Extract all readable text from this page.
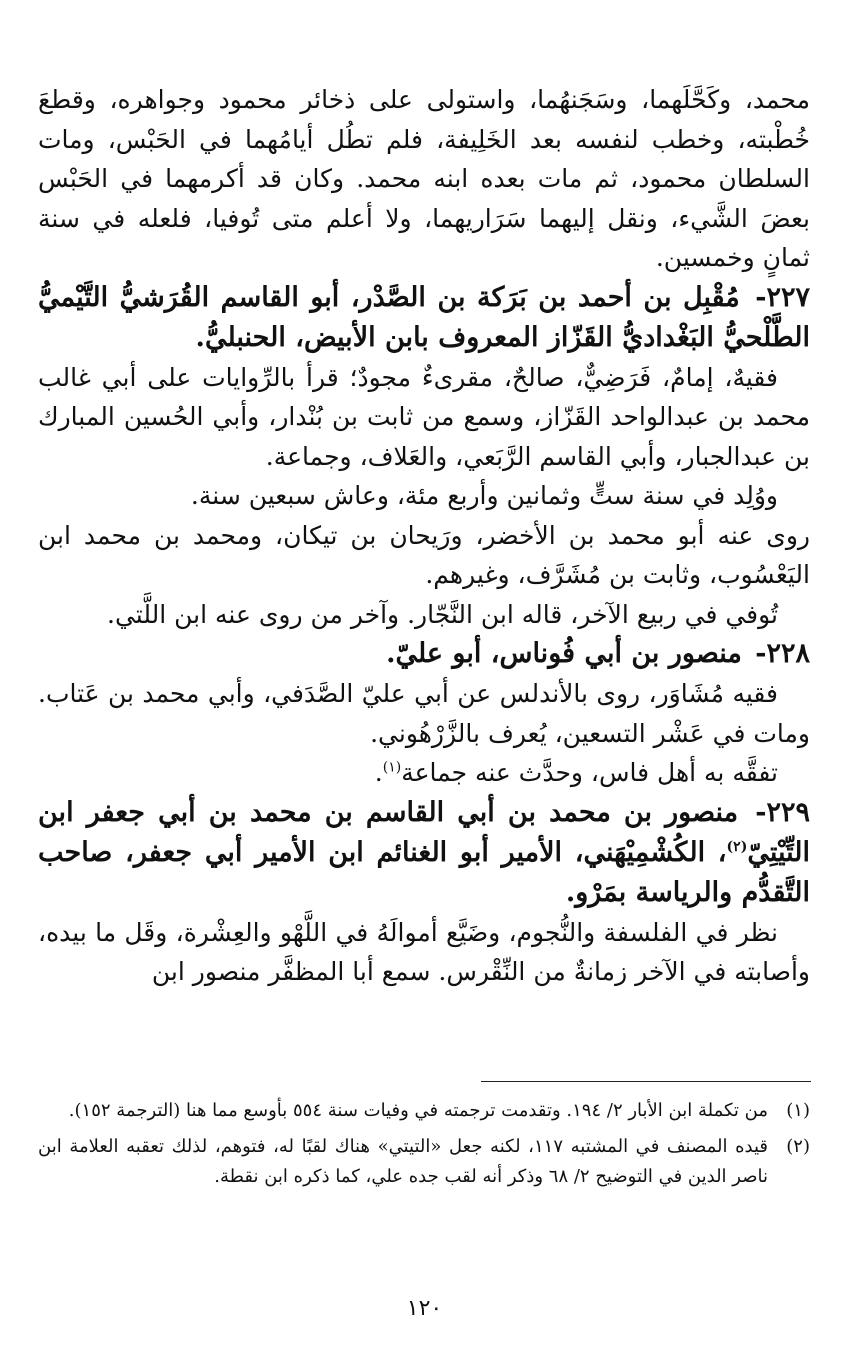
محمد، وكَحَّلَهما، وسَجَنهُما، واستولى على ذخائر محمود وجواهره، وقطعَ خُطْبته، وخطب لنفسه بعد الخَلِيفة، فلم تطُل أيامُهما في الحَبْس، ومات السلطان محمود، ثم مات بعده ابنه محمد. وكان قد أكرمهما في الحَبْس بعضَ الشَّيء، ونقل إليهما سَرَاريهما، ولا أعلم متى تُوفيا، فلعله في سنة ثمانٍ وخمسين.

٢٢٧- مُقْبِل بن أحمد بن بَرَكة بن الصَّدْر، أبو القاسم القُرَشيُّ التَّيْميُّ الطَّلْحيُّ البَغْداديُّ القَزّاز المعروف بابن الأبيض، الحنبليُّ.

فقيهٌ، إمامٌ، فَرَضِيٌّ، صالحٌ، مقرىءٌ مجودٌ؛ قرأ بالرِّوايات على أبي غالب محمد بن عبدالواحد القَزّاز، وسمع من ثابت بن بُنْدار، وأبي الحُسين المبارك بن عبدالجبار، وأبي القاسم الرَّبَعي، والعَلاف، وجماعة.

ووُلِد في سنة ستٍّ وثمانين وأربع مئة، وعاش سبعين سنة.

روى عنه أبو محمد بن الأخضر، ورَيحان بن تيكان، ومحمد بن محمد ابن اليَعْسُوب، وثابت بن مُشَرَّف، وغيرهم.

تُوفي في ربيع الآخر، قاله ابن النَّجّار. وآخر من روى عنه ابن اللَّتي.

٢٢٨- منصور بن أبي فُوناس، أبو عليّ.

فقيه مُشَاوَر، روى بالأندلس عن أبي عليّ الصَّدَفي، وأبي محمد بن عَتاب. ومات في عَشْر التسعين، يُعرف بالزَّرْهُوني.

تفقَّه به أهل فاس، وحدَّث عنه جماعة$^{(١)}$.

٢٢٩- منصور بن محمد بن أبي القاسم بن محمد بن أبي جعفر ابن التِّيْتِيّ$^{(٢)}$، الكُشْمِيْهَني، الأمير أبو الغنائم ابن الأمير أبي جعفر، صاحب التَّقدُّم والرياسة بمَرْو.

نظر في الفلسفة والنُّجوم، وضَيَّع أموالَهُ في اللَّهْو والعِشْرة، وقَل ما بيده، وأصابته في الآخر زمانةٌ من النِّقْرس. سمع أبا المظفَّر منصور ابن

(١)
من تكملة ابن الأبار ٢/ ١٩٤. وتقدمت ترجمته في وفيات سنة ٥٥٤ بأوسع مما هنا (الترجمة ١٥٢).
(٢)
قيده المصنف في المشتبه ١١٧، لكنه جعل «التيتي» هناك لقبًا له، فتوهم، لذلك تعقبه العلامة ابن ناصر الدين في التوضيح ٢/ ٦٨ وذكر أنه لقب جده علي، كما ذكره ابن نقطة.
١٢٠
